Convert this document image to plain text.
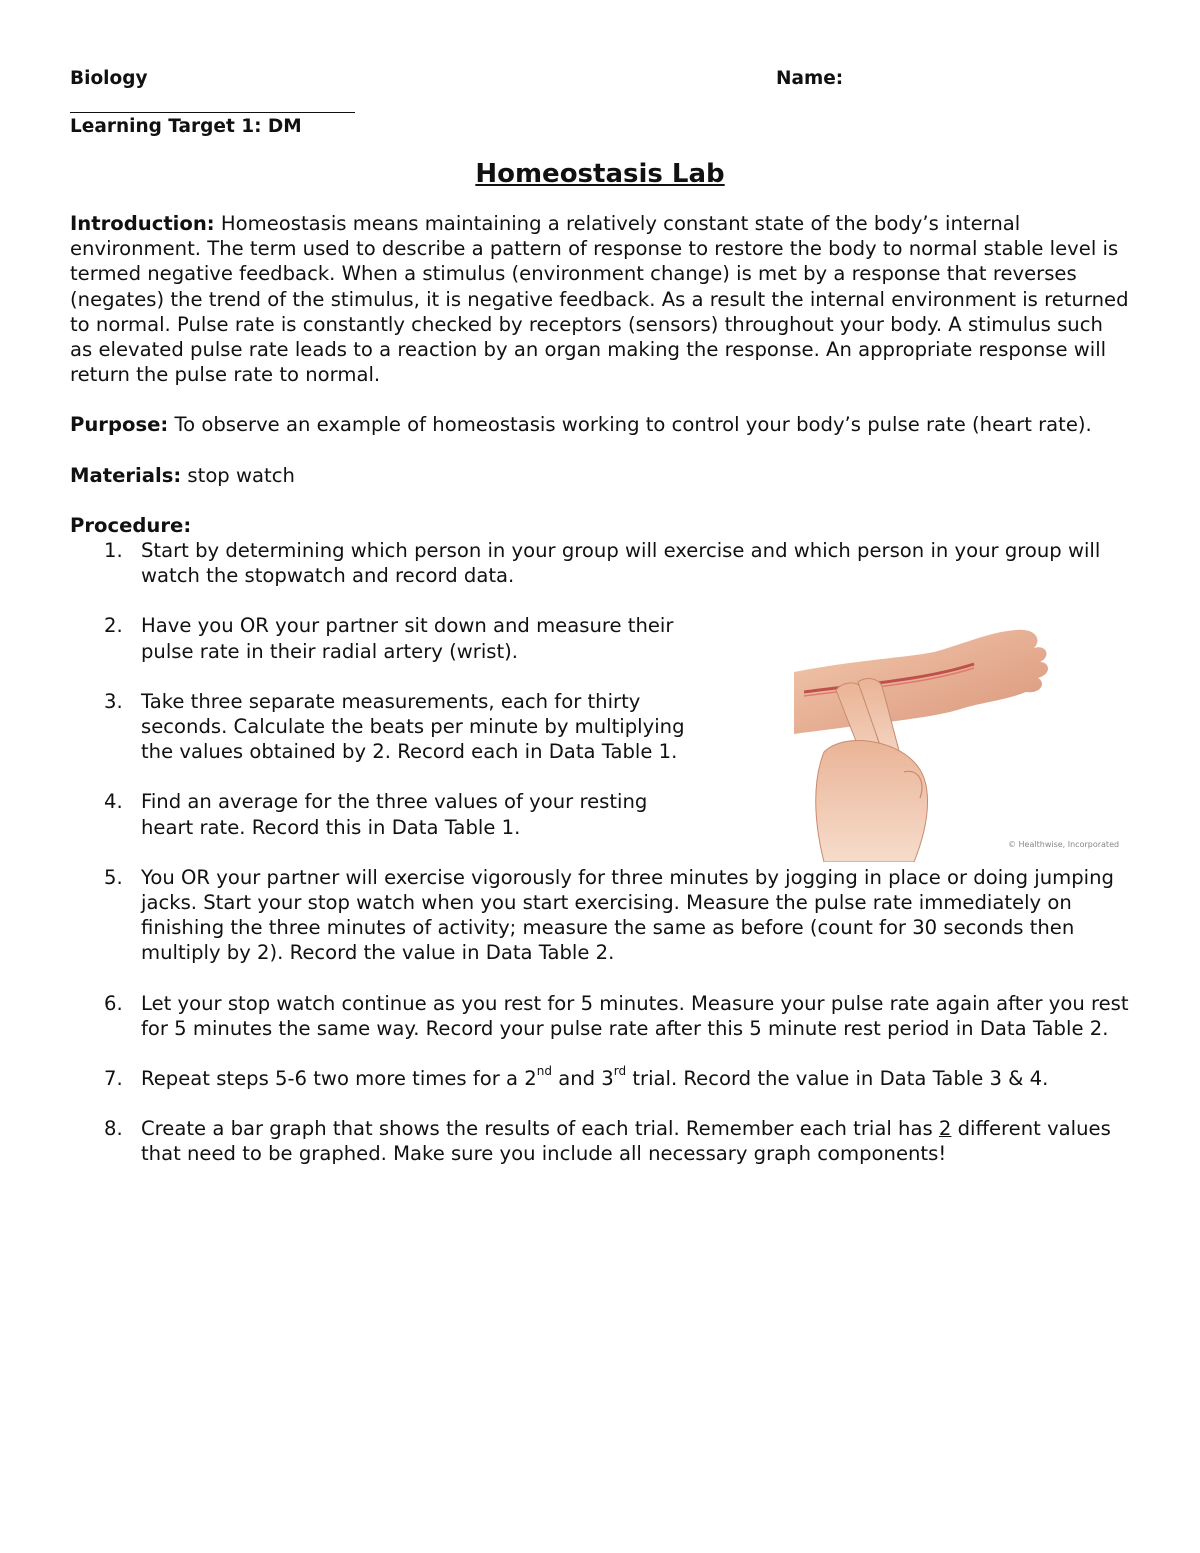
Biology	Name:
Learning Target 1: DM
Homeostasis Lab

Introduction: Homeostasis means maintaining a relatively constant state of the body’s internal environment. The term used to describe a pattern of response to restore the body to normal stable level is termed negative feedback. When a stimulus (environment change) is met by a response that reverses (negates) the trend of the stimulus, it is negative feedback. As a result the internal environment is returned to normal. Pulse rate is constantly checked by receptors (sensors) throughout your body. A stimulus such as elevated pulse rate leads to a reaction by an organ making the response. An appropriate response will return the pulse rate to normal.

Purpose: To observe an example of homeostasis working to control your body’s pulse rate (heart rate).

Materials: stop watch

Procedure:
1. Start by determining which person in your group will exercise and which person in your group will watch the stopwatch and record data.
2. Have you OR your partner sit down and measure their pulse rate in their radial artery (wrist).
3. Take three separate measurements, each for thirty seconds. Calculate the beats per minute by multiplying the values obtained by 2. Record each in Data Table 1.
4. Find an average for the three values of your resting heart rate. Record this in Data Table 1.
5. You OR your partner will exercise vigorously for three minutes by jogging in place or doing jumping jacks. Start your stop watch when you start exercising. Measure the pulse rate immediately on finishing the three minutes of activity; measure the same as before (count for 30 seconds then multiply by 2). Record the value in Data Table 2.
6. Let your stop watch continue as you rest for 5 minutes. Measure your pulse rate again after you rest for 5 minutes the same way. Record your pulse rate after this 5 minute rest period in Data Table 2.
7. Repeat steps 5-6 two more times for a 2nd and 3rd trial. Record the value in Data Table 3 & 4.
8. Create a bar graph that shows the results of each trial. Remember each trial has 2 different values that need to be graphed. Make sure you include all necessary graph components!
© Healthwise, Incorporated
